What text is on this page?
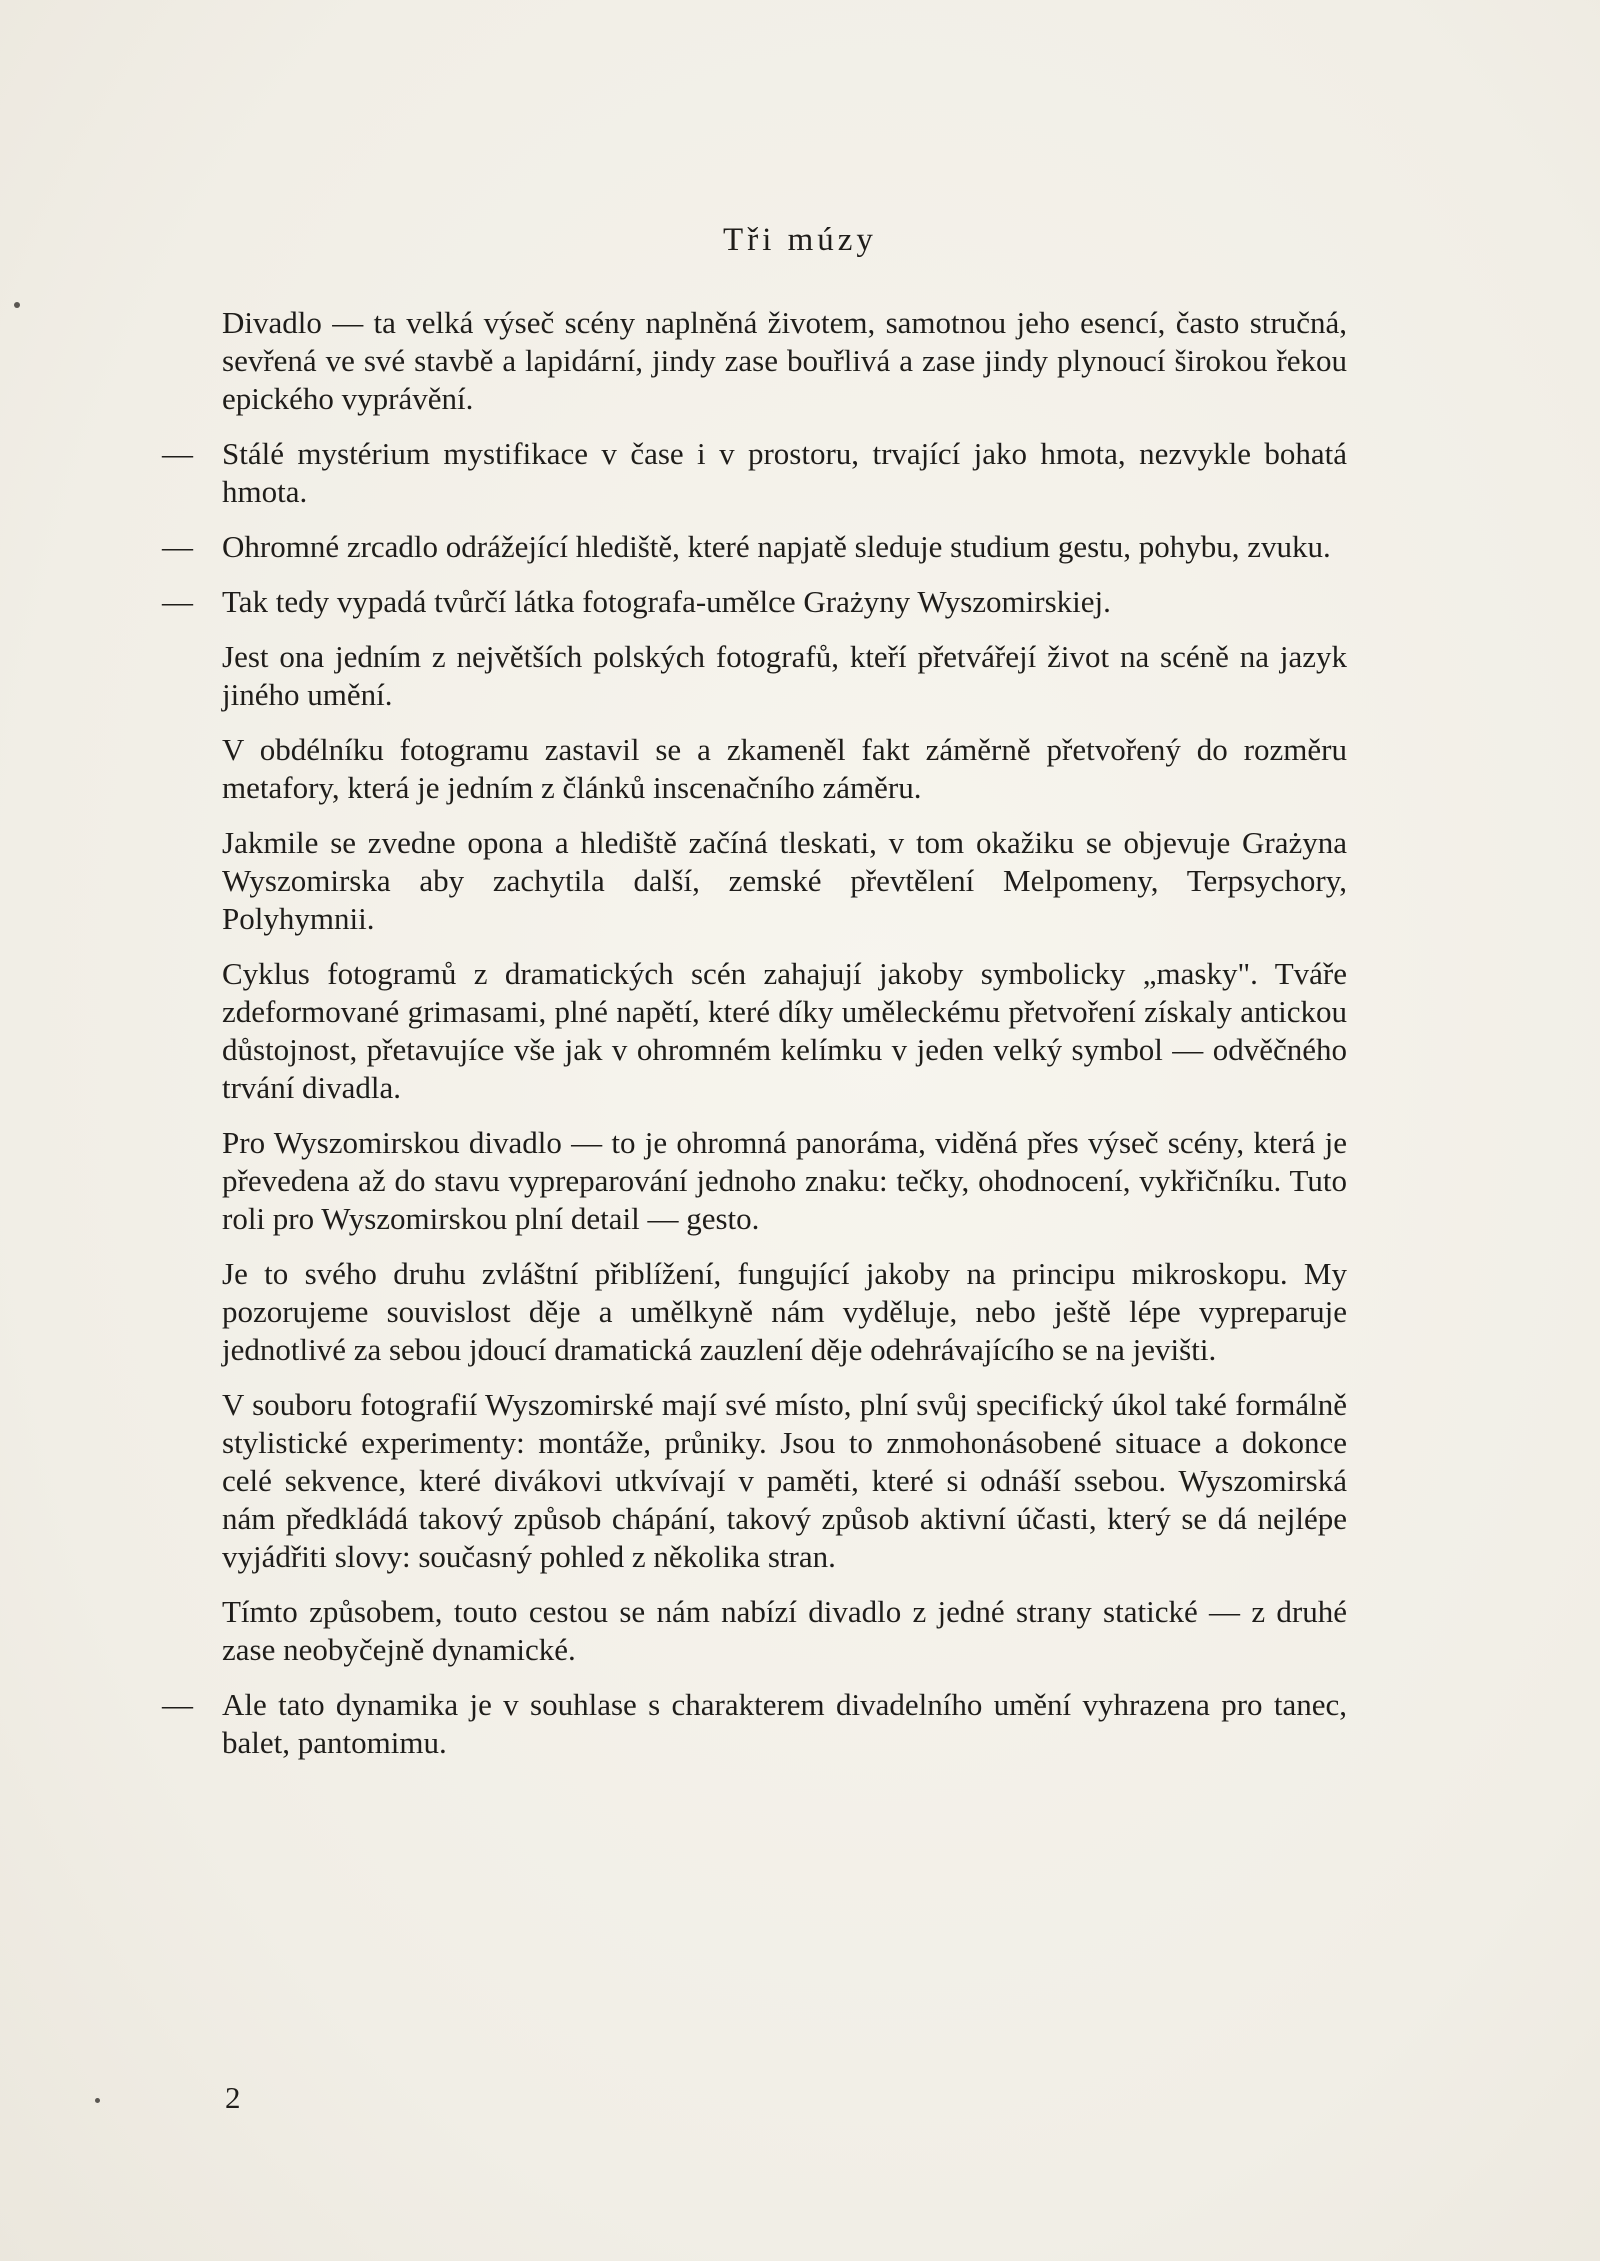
Tři múzy

Divadlo — ta velká výseč scény naplněná životem, samotnou jeho esencí, často stručná, sevřená ve své stavbě a lapidární, jindy zase bouřlivá a zase jindy plynoucí širokou řekou epického vyprávění.

— Stálé mystérium mystifikace v čase i v prostoru, trvající jako hmota, nezvykle bohatá hmota.

— Ohromné zrcadlo odrážející hlediště, které napjatě sleduje studium gestu, pohybu, zvuku.

— Tak tedy vypadá tvůrčí látka fotografa-umělce Grażyny Wyszomirskiej.

Jest ona jedním z největších polských fotografů, kteří přetvářejí život na scéně na jazyk jiného umění.

V obdélníku fotogramu zastavil se a zkameněl fakt záměrně přetvořený do rozměru metafory, která je jedním z článků inscenačního záměru.

Jakmile se zvedne opona a hlediště začíná tleskati, v tom okažiku se objevuje Grażyna Wyszomirska aby zachytila další, zemské převtělení Melpomeny, Terpsychory, Polyhymnii.

Cyklus fotogramů z dramatických scén zahajují jakoby symbolicky „masky". Tváře zdeformované grimasami, plné napětí, které díky uměleckému přetvoření získaly antickou důstojnost, přetavujíce vše jak v ohromném kelímku v jeden velký symbol — odvěčného trvání divadla.

Pro Wyszomirskou divadlo — to je ohromná panoráma, viděná přes výseč scény, která je převedena až do stavu vypreparování jednoho znaku: tečky, ohodnocení, vykřičníku. Tuto roli pro Wyszomirskou plní detail — gesto.

Je to svého druhu zvláštní přiblížení, fungující jakoby na principu mikroskopu. My pozorujeme souvislost děje a umělkyně nám vyděluje, nebo ještě lépe vypreparuje jednotlivé za sebou jdoucí dramatická zauzlení děje odehrávajícího se na jevišti.

V souboru fotografií Wyszomirské mají své místo, plní svůj specifický úkol také formálně stylistické experimenty: montáže, průniky. Jsou to znmohonásobené situace a dokonce celé sekvence, které divákovi utkvívají v paměti, které si odnáší ssebou. Wyszomirská nám předkládá takový způsob chápání, takový způsob aktivní účasti, který se dá nejlépe vyjádřiti slovy: současný pohled z několika stran.

Tímto způsobem, touto cestou se nám nabízí divadlo z jedné strany statické — z druhé zase neobyčejně dynamické.

— Ale tato dynamika je v souhlase s charakterem divadelního umění vyhrazena pro tanec, balet, pantomimu.

2
